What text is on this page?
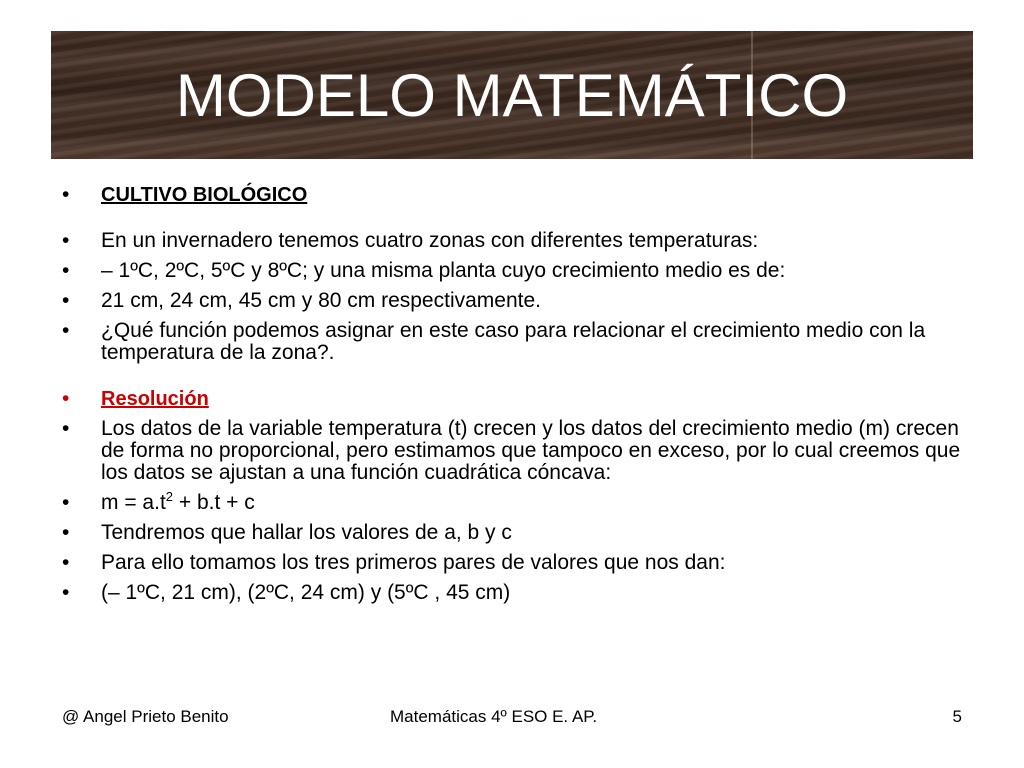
MODELO MATEMÁTICO
•	CULTIVO BIOLÓGICO
•	En un invernadero tenemos cuatro zonas con diferentes temperaturas:
•	– 1ºC, 2ºC, 5ºC y 8ºC; y una misma planta cuyo crecimiento medio es de:
•	21 cm, 24 cm, 45 cm y 80 cm respectivamente.
•	¿Qué función podemos asignar en este caso para relacionar el crecimiento medio con la temperatura de la zona?.
•	Resolución
•	Los datos de la variable temperatura (t) crecen y los datos del crecimiento medio (m) crecen de forma no proporcional, pero estimamos que tampoco en exceso, por lo cual creemos que los datos se ajustan a una función cuadrática cóncava:
•	$m = a.t^2 + b.t + c$
•	Tendremos que hallar los valores de a, b y c
•	Para ello tomamos los tres primeros pares de valores que nos dan:
•	(– 1ºC, 21 cm), (2ºC, 24 cm) y (5ºC , 45 cm)
@ Angel Prieto Benito	Matemáticas 4º ESO E. AP.	5
